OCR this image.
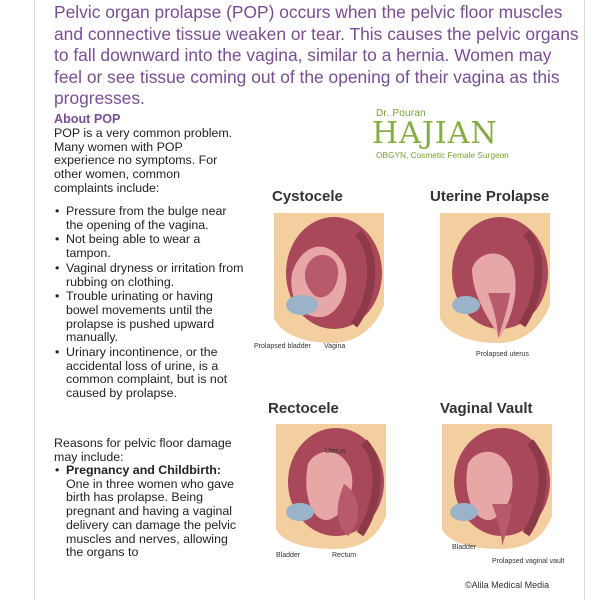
Pelvic organ prolapse (POP) occurs when the pelvic floor muscles and connective tissue weaken or tear. This causes the pelvic organs to fall downward into the vagina, similar to a hernia. Women may feel or see tissue coming out of the opening of their vagina as this progresses.

About POP

POP is a very common problem. Many women with POP experience no symptoms. For other women, common complaints include:

• Pressure from the bulge near the opening of the vagina.
• Not being able to wear a tampon.
• Vaginal dryness or irritation from rubbing on clothing.
• Trouble urinating or having bowel movements until the prolapse is pushed upward manually.
• Urinary incontinence, or the accidental loss of urine, is a common complaint, but is not caused by prolapse.

Reasons for pelvic floor damage may include:

• Pregnancy and Childbirth: One in three women who gave birth has prolapse. Being pregnant and having a vaginal delivery can damage the pelvic muscles and nerves, allowing the organs to

Dr. Pouran
HAJIAN
OBGYN, Cosmetic Female Surgeon
Cystocele
Prolapsed bladder Vagina
Uterine Prolapse
Prolapsed uterus
Rectocele
Uterus
Bladder	Rectum
Vaginal Vault
Bladder
Prolapsed vaginal vault
©Alila Medical Media
